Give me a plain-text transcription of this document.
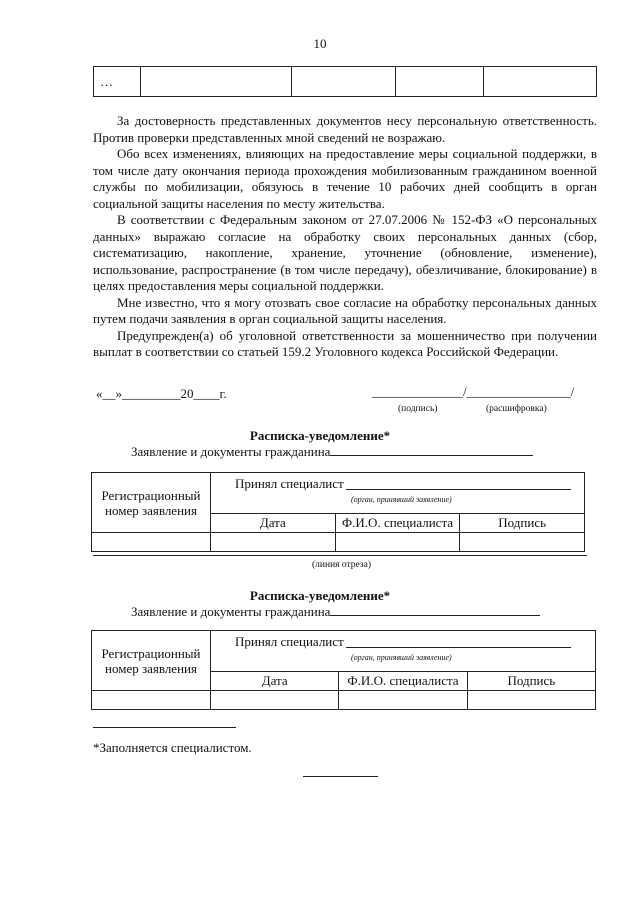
10
…				

За достоверность представленных документов несу персональную ответственность. Против проверки представленных мной сведений не возражаю.

Обо всех изменениях, влияющих на предоставление меры социальной поддержки, в том числе дату окончания периода прохождения мобилизованным гражданином военной службы по мобилизации, обязуюсь в течение 10 рабочих дней сообщить в орган социальной защиты населения по месту жительства.

В соответствии с Федеральным законом от 27.07.2006 № 152-ФЗ «О персональных данных» выражаю согласие на обработку своих персональных данных (сбор, систематизацию, накопление, хранение, уточнение (обновление, изменение), использование, распространение (в том числе передачу), обезличивание, блокирование) в целях предоставления меры социальной поддержки.

Мне известно, что я могу отозвать свое согласие на обработку персональных данных путем подачи заявления в орган социальной защиты населения.

Предупрежден(а) об уголовной ответственности за мошенничество при получении выплат в соответствии со статьей 159.2 Уголовного кодекса Российской Федерации.

«__»_________20____г.	______________/________________/
(подпись)	(расшифровка)
Расписка-уведомление*
Заявление и документы гражданина
Регистрационный
номер заявления	Принял специалист
(орган, принявший заявление)		

	Дата	Ф.И.О. специалиста	Подпись

(линия отреза)
Расписка-уведомление*
Заявление и документы гражданина
Регистрационный
номер заявления	Принял специалист
(орган, принявший заявление)		

	Дата	Ф.И.О. специалиста	Подпись

*Заполняется специалистом.
